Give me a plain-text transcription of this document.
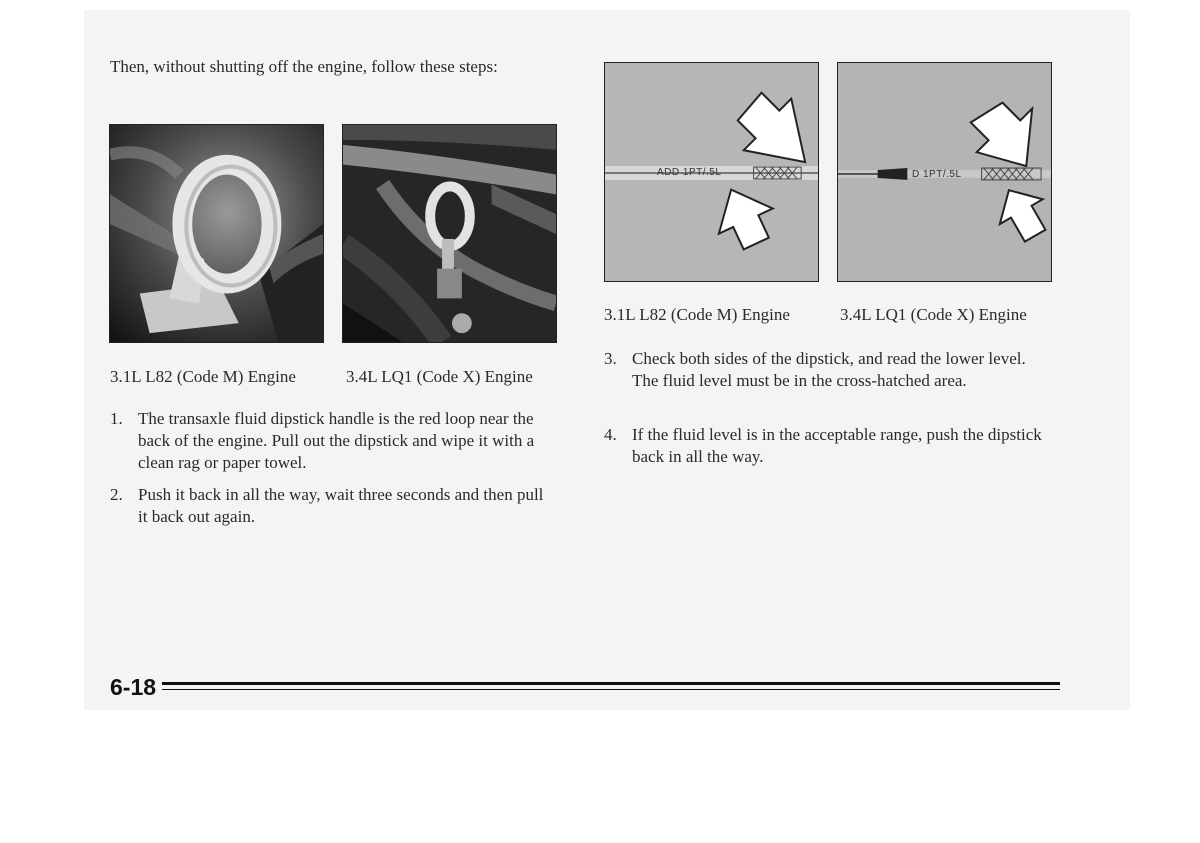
Then, without shutting off the engine, follow these steps:
3.1L L82 (Code M) Engine	3.4L LQ1 (Code X) Engine
1. The transaxle fluid dipstick handle is the red loop near the back of the engine. Pull out the dipstick and wipe it with a clean rag or paper towel.
2. Push it back in all the way, wait three seconds and then pull it back out again.
ADD 1PT/.5L	D 1PT/.5L
3.1L L82 (Code M) Engine	3.4L LQ1 (Code X) Engine
3. Check both sides of the dipstick, and read the lower level. The fluid level must be in the cross-hatched area.
4. If the fluid level is in the acceptable range, push the dipstick back in all the way.
6-18
